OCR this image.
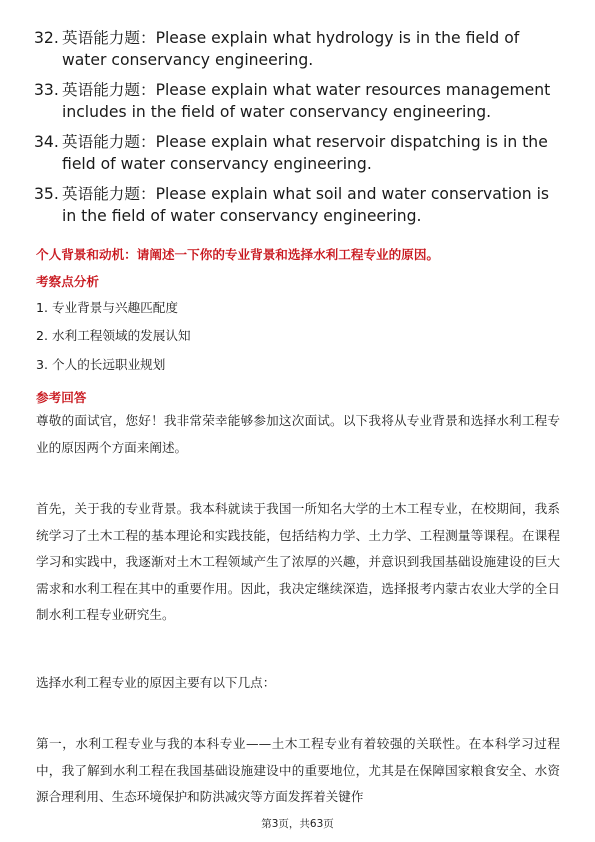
32. 英语能力题：Please explain what hydrology is in the field of water conservancy engineering.
33. 英语能力题：Please explain what water resources management includes in the field of water conservancy engineering.
34. 英语能力题：Please explain what reservoir dispatching is in the field of water conservancy engineering.
35. 英语能力题：Please explain what soil and water conservation is in the field of water conservancy engineering.
个人背景和动机：请阐述一下你的专业背景和选择水利工程专业的原因。
考察点分析
1. 专业背景与兴趣匹配度
2. 水利工程领域的发展认知
3. 个人的长远职业规划
参考回答
尊敬的面试官，您好！我非常荣幸能够参加这次面试。以下我将从专业背景和选择水利工程专业的原因两个方面来阐述。
首先，关于我的专业背景。我本科就读于我国一所知名大学的土木工程专业，在校期间，我系统学习了土木工程的基本理论和实践技能，包括结构力学、土力学、工程测量等课程。在课程学习和实践中，我逐渐对土木工程领域产生了浓厚的兴趣，并意识到我国基础设施建设的巨大需求和水利工程在其中的重要作用。因此，我决定继续深造，选择报考内蒙古农业大学的全日制水利工程专业研究生。
选择水利工程专业的原因主要有以下几点：
第一，水利工程专业与我的本科专业——土木工程专业有着较强的关联性。在本科学习过程中，我了解到水利工程在我国基础设施建设中的重要地位，尤其是在保障国家粮食安全、水资源合理利用、生态环境保护和防洪减灾等方面发挥着关键作
第3页，共63页
